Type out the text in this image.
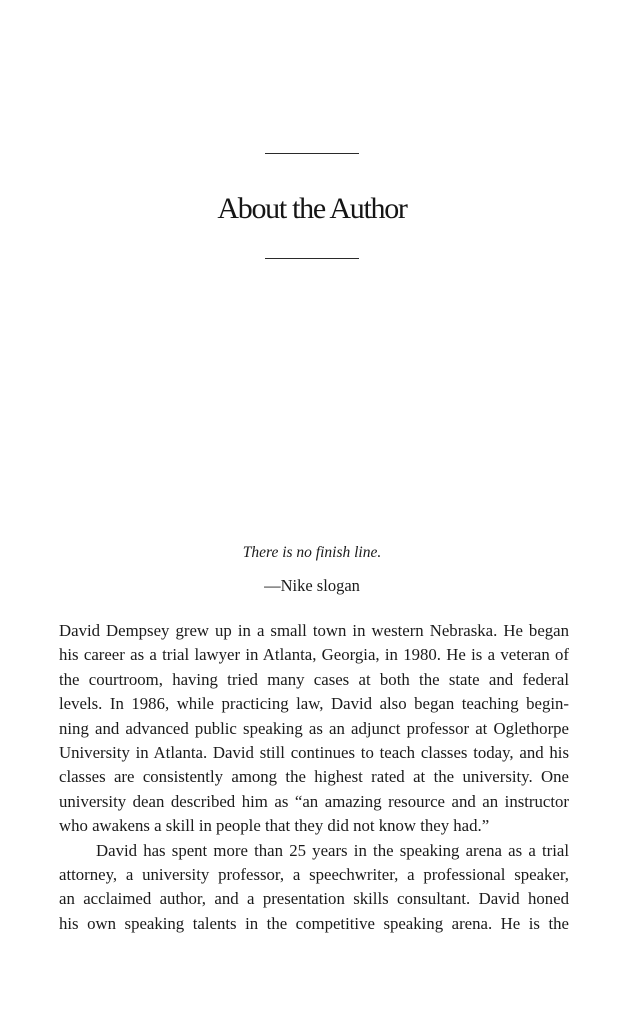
About the Author
There is no finish line.
—Nike slogan
David Dempsey grew up in a small town in western Nebraska. He began
his career as a trial lawyer in Atlanta, Georgia, in 1980. He is a veteran of
the courtroom, having tried many cases at both the state and federal
levels. In 1986, while practicing law, David also began teaching begin-
ning and advanced public speaking as an adjunct professor at Oglethorpe
University in Atlanta. David still continues to teach classes today, and his
classes are consistently among the highest rated at the university. One
university dean described him as “an amazing resource and an instructor
who awakens a skill in people that they did not know they had.”
David has spent more than 25 years in the speaking arena as a trial
attorney, a university professor, a speechwriter, a professional speaker,
an acclaimed author, and a presentation skills consultant. David honed
his own speaking talents in the competitive speaking arena. He is the
